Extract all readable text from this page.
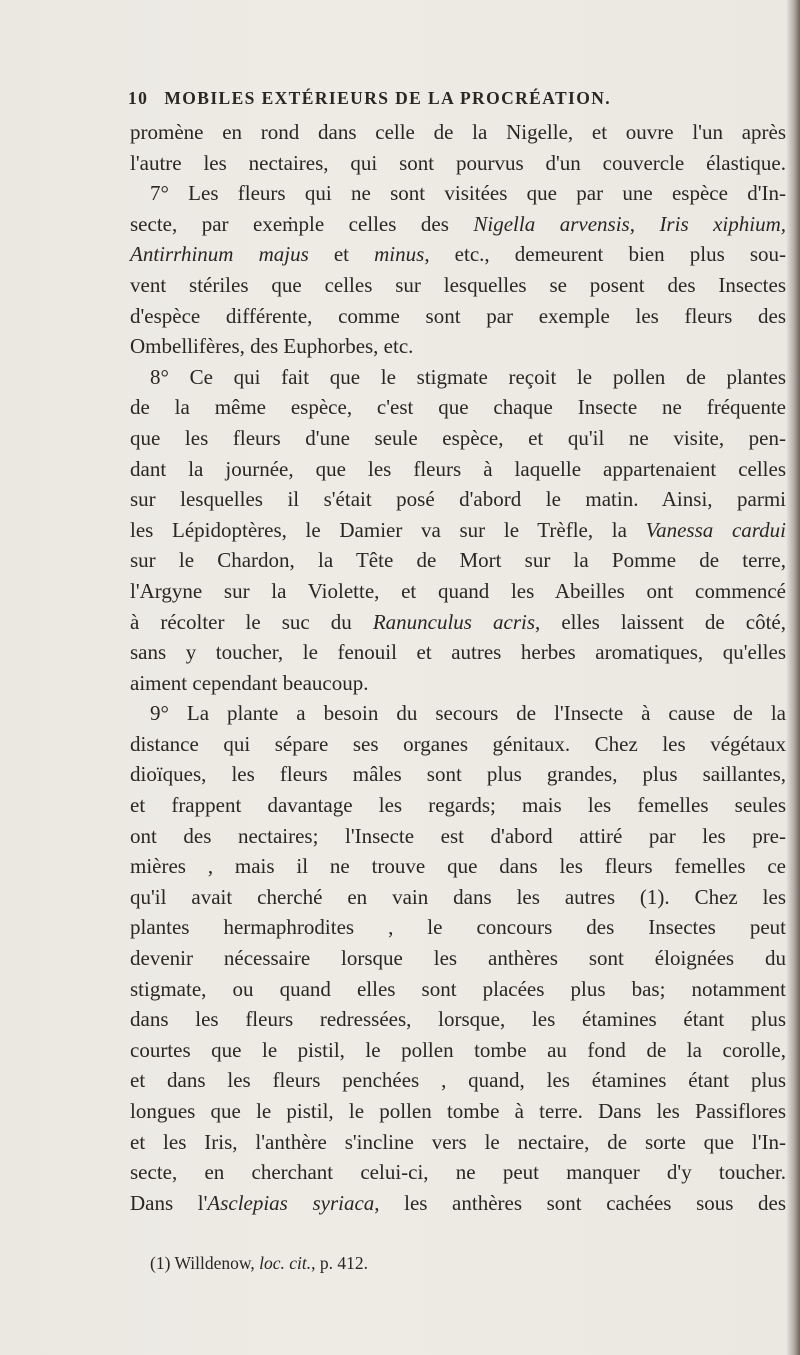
10 MOBILES EXTÉRIEURS DE LA PROCRÉATION.
promène en rond dans celle de la Nigelle, et ouvre l'un après
l'autre les nectaires, qui sont pourvus d'un couvercle élastique.
7° Les fleurs qui ne sont visitées que par une espèce d'In-
secte, par exeṁple celles des Nigella arvensis, Iris xiphium,
Antirrhinum majus et minus, etc., demeurent bien plus sou-
vent stériles que celles sur lesquelles se posent des Insectes
d'espèce différente, comme sont par exemple les fleurs des
Ombellifères, des Euphorbes, etc.
8° Ce qui fait que le stigmate reçoit le pollen de plantes
de la même espèce, c'est que chaque Insecte ne fréquente
que les fleurs d'une seule espèce, et qu'il ne visite, pen-
dant la journée, que les fleurs à laquelle appartenaient celles
sur lesquelles il s'était posé d'abord le matin. Ainsi, parmi
les Lépidoptères, le Damier va sur le Trèfle, la Vanessa cardui
sur le Chardon, la Tête de Mort sur la Pomme de terre,
l'Argyne sur la Violette, et quand les Abeilles ont commencé
à récolter le suc du Ranunculus acris, elles laissent de côté,
sans y toucher, le fenouil et autres herbes aromatiques, qu'elles
aiment cependant beaucoup.
9° La plante a besoin du secours de l'Insecte à cause de la
distance qui sépare ses organes génitaux. Chez les végétaux
dioïques, les fleurs mâles sont plus grandes, plus saillantes,
et frappent davantage les regards; mais les femelles seules
ont des nectaires; l'Insecte est d'abord attiré par les pre-
mières , mais il ne trouve que dans les fleurs femelles ce
qu'il avait cherché en vain dans les autres (1). Chez les
plantes hermaphrodites , le concours des Insectes peut
devenir nécessaire lorsque les anthères sont éloignées du
stigmate, ou quand elles sont placées plus bas; notamment
dans les fleurs redressées, lorsque, les étamines étant plus
courtes que le pistil, le pollen tombe au fond de la corolle,
et dans les fleurs penchées , quand, les étamines étant plus
longues que le pistil, le pollen tombe à terre. Dans les Passiflores
et les Iris, l'anthère s'incline vers le nectaire, de sorte que l'In-
secte, en cherchant celui-ci, ne peut manquer d'y toucher.
Dans l'Asclepias syriaca, les anthères sont cachées sous des
(1) Willdenow, loc. cit., p. 412.
